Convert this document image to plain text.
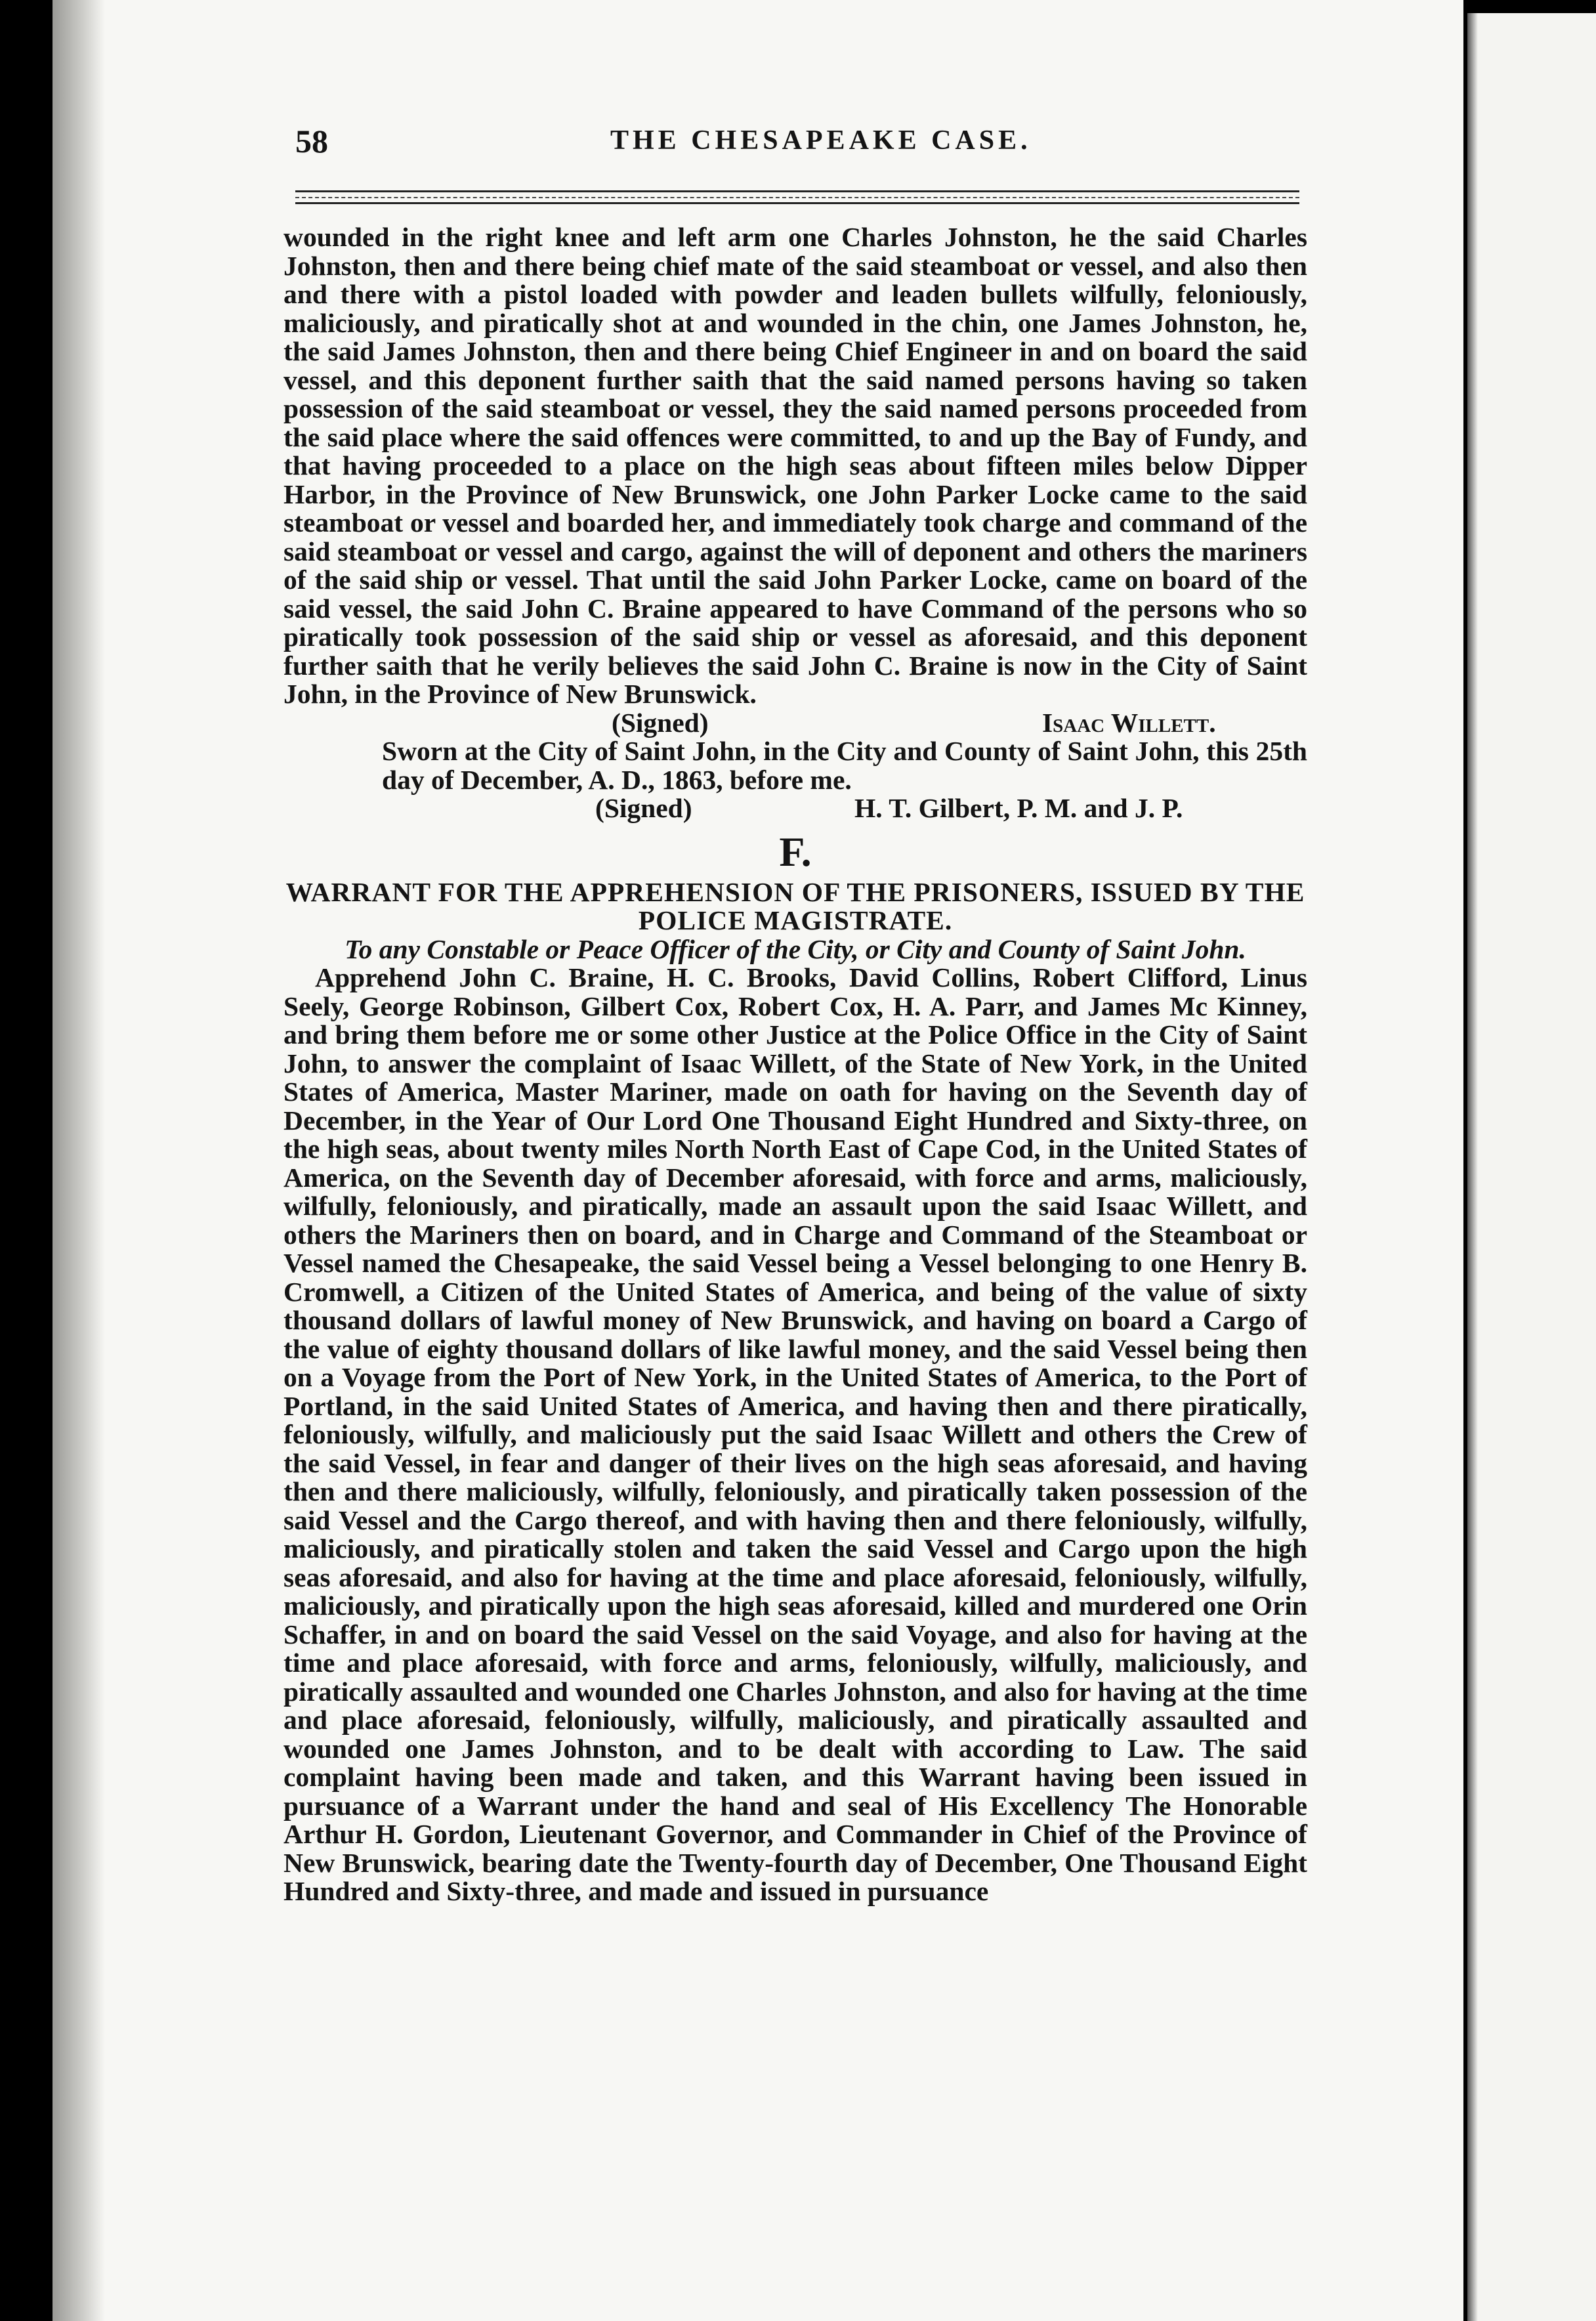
58	THE CHESAPEAKE CASE.

wounded in the right knee and left arm one Charles Johnston, he the said Charles Johnston, then and there being chief mate of the said steamboat or vessel, and also then and there with a pistol loaded with powder and leaden bullets wilfully, feloniously, maliciously, and piratically shot at and wounded in the chin, one James Johnston, he, the said James Johnston, then and there being Chief Engineer in and on board the said vessel, and this deponent further saith that the said named persons having so taken possession of the said steamboat or vessel, they the said named persons proceeded from the said place where the said offences were committed, to and up the Bay of Fundy, and that having proceeded to a place on the high seas about fifteen miles below Dipper Harbor, in the Province of New Brunswick, one John Parker Locke came to the said steamboat or vessel and boarded her, and immediately took charge and command of the said steamboat or vessel and cargo, against the will of deponent and others the mariners of the said ship or vessel. That until the said John Parker Locke, came on board of the said vessel, the said John C. Braine appeared to have Command of the persons who so piratically took possession of the said ship or vessel as aforesaid, and this deponent further saith that he verily believes the said John C. Braine is now in the City of Saint John, in the Province of New Brunswick.

(Signed)	Isaac Willett.

Sworn at the City of Saint John, in the City and County of Saint John, this 25th day of December, A. D., 1863, before me.

(Signed)	H. T. Gilbert, P. M. and J. P.
F.

WARRANT FOR THE APPREHENSION OF THE PRISONERS, ISSUED BY THE POLICE MAGISTRATE.

To any Constable or Peace Officer of the City, or City and County of Saint John.

Apprehend John C. Braine, H. C. Brooks, David Collins, Robert Clifford, Linus Seely, George Robinson, Gilbert Cox, Robert Cox, H. A. Parr, and James Mc Kinney, and bring them before me or some other Justice at the Police Office in the City of Saint John, to answer the complaint of Isaac Willett, of the State of New York, in the United States of America, Master Mariner, made on oath for having on the Seventh day of December, in the Year of Our Lord One Thousand Eight Hundred and Sixty-three, on the high seas, about twenty miles North North East of Cape Cod, in the United States of America, on the Seventh day of December aforesaid, with force and arms, maliciously, wilfully, feloniously, and piratically, made an assault upon the said Isaac Willett, and others the Mariners then on board, and in Charge and Command of the Steamboat or Vessel named the Chesapeake, the said Vessel being a Vessel belonging to one Henry B. Cromwell, a Citizen of the United States of America, and being of the value of sixty thousand dollars of lawful money of New Brunswick, and having on board a Cargo of the value of eighty thousand dollars of like lawful money, and the said Vessel being then on a Voyage from the Port of New York, in the United States of America, to the Port of Portland, in the said United States of America, and having then and there piratically, feloniously, wilfully, and maliciously put the said Isaac Willett and others the Crew of the said Vessel, in fear and danger of their lives on the high seas aforesaid, and having then and there maliciously, wilfully, feloniously, and piratically taken possession of the said Vessel and the Cargo thereof, and with having then and there feloniously, wilfully, maliciously, and piratically stolen and taken the said Vessel and Cargo upon the high seas aforesaid, and also for having at the time and place aforesaid, feloniously, wilfully, maliciously, and piratically upon the high seas aforesaid, killed and murdered one Orin Schaffer, in and on board the said Vessel on the said Voyage, and also for having at the time and place aforesaid, with force and arms, feloniously, wilfully, maliciously, and piratically assaulted and wounded one Charles Johnston, and also for having at the time and place aforesaid, feloniously, wilfully, maliciously, and piratically assaulted and wounded one James Johnston, and to be dealt with according to Law. The said complaint having been made and taken, and this Warrant having been issued in pursuance of a Warrant under the hand and seal of His Excellency The Honorable Arthur H. Gordon, Lieutenant Governor, and Commander in Chief of the Province of New Brunswick, bearing date the Twenty-fourth day of December, One Thousand Eight Hundred and Sixty-three, and made and issued in pursuance
